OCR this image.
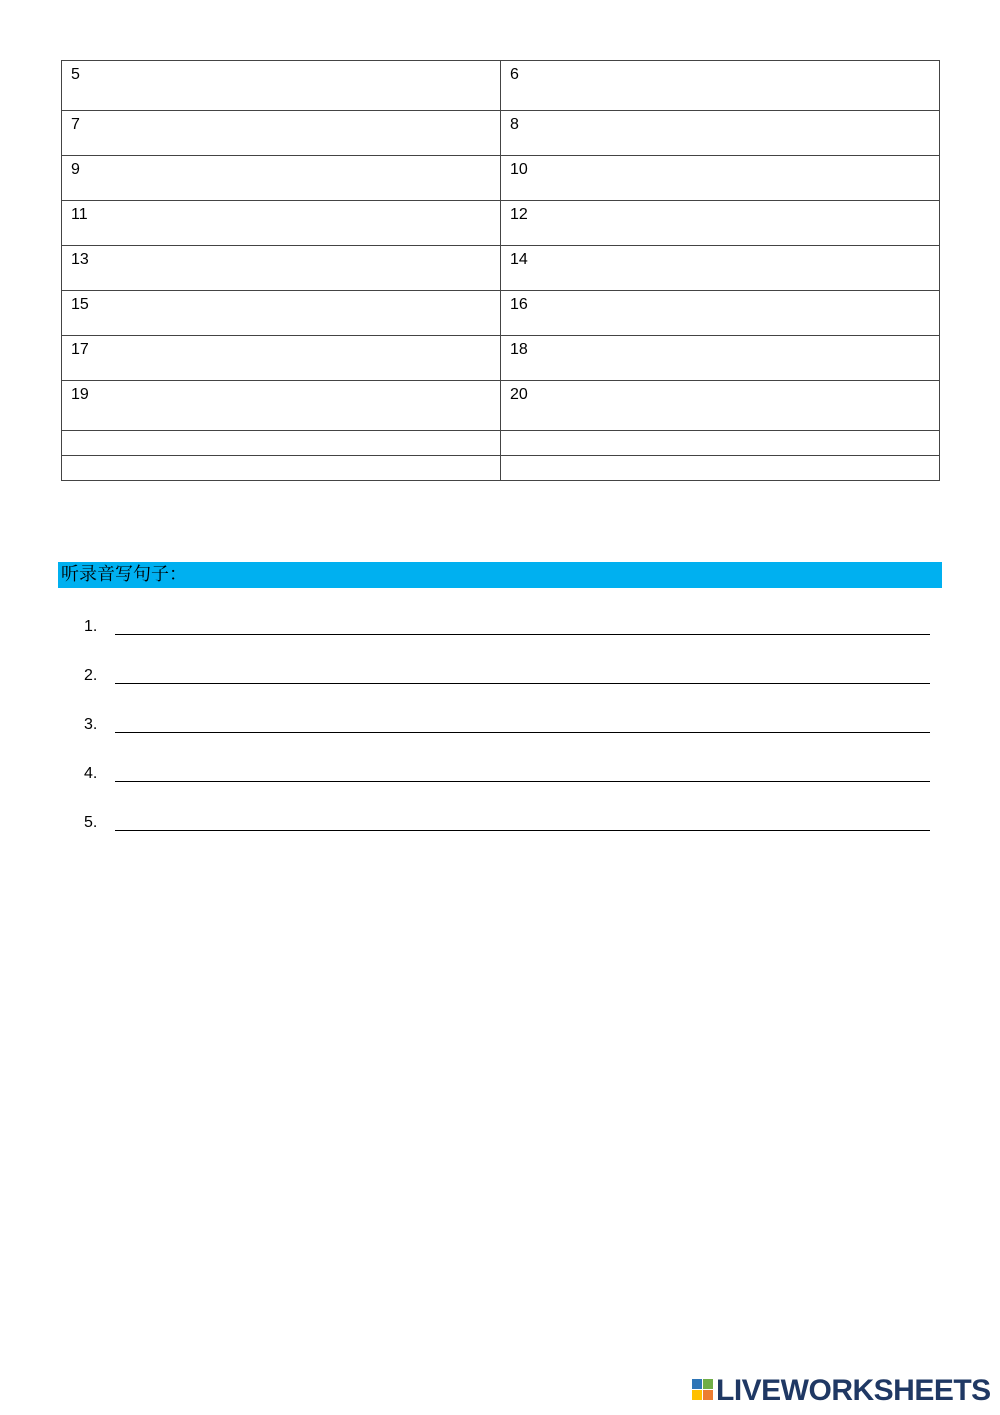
5	6
7	8
9	10
11	12
13	14
15	16
17	18
19	20

听录音写句子：
1.
2.
3.
4.
5.
LIVEWORKSHEETS
